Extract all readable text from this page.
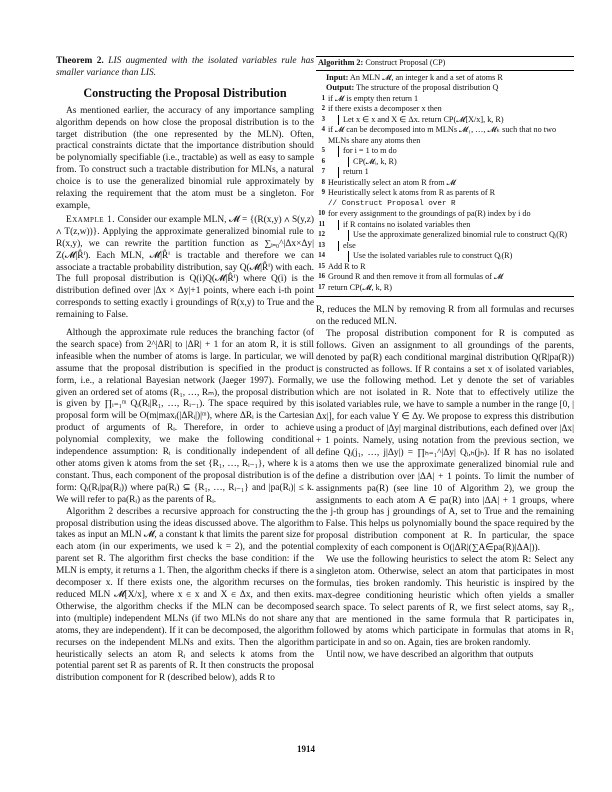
Theorem 2. LIS augmented with the isolated variables rule has smaller variance than LIS.

Constructing the Proposal Distribution

As mentioned earlier, the accuracy of any importance sampling algorithm depends on how close the proposal distribution is to the target distribution (the one represented by the MLN). Often, practical constraints dictate that the importance distribution should be polynomially specifiable (i.e., tractable) as well as easy to sample from. To construct such a tractable distribution for MLNs, a natural choice is to use the generalized binomial rule approximately by relaxing the requirement that the atom must be a singleton. For example,

Example 1. Consider our example MLN, 𝓜 = {(R(x,y) ∧ S(y,z) ∧ T(z,w))}. Applying the approximate generalized binomial rule to R(x,y), we can rewrite the partition function as ∑ᵢ₌₀^|Δx×Δy| Z(𝓜|R̂ⁱ). Each MLN, 𝓜|R̂ⁱ is tractable and therefore we can associate a tractable probability distribution, say Q(𝓜|R̂ⁱ) with each. The full proposal distribution is Q(i)Q(𝓜|R̂ⁱ) where Q(i) is the distribution defined over |Δx × Δy|+1 points, where each i-th point corresponds to setting exactly i groundings of R(x,y) to True and the remaining to False.

Although the approximate rule reduces the branching factor (of the search space) from 2^|ΔR| to |ΔR| + 1 for an atom R, it is still infeasible when the number of atoms is large. In particular, we will assume that the proposal distribution is specified in the product form, i.e., a relational Bayesian network (Jaeger 1997). Formally, given an ordered set of atoms (R₁, …, Rₘ), the proposal distribution is given by ∏ᵢ₌₁ᵐ Qᵢ(Rᵢ|R₁, …, Rᵢ₋₁). The space required by this proposal form will be O(m|maxᵢ(|ΔRᵢ|)|ᵐ), where ΔRᵢ is the Cartesian product of arguments of Rᵢ. Therefore, in order to achieve polynomial complexity, we make the following conditional independence assumption: Rᵢ is conditionally independent of all other atoms given k atoms from the set {R₁, …, Rᵢ₋₁}, where k is a constant. Thus, each component of the proposal distribution is of the form: Qᵢ(Rᵢ|pa(Rᵢ)) where pa(Rᵢ) ⊆ {R₁, …, Rᵢ₋₁} and |pa(Rᵢ)| ≤ k. We will refer to pa(Rᵢ) as the parents of Rᵢ.

Algorithm 2 describes a recursive approach for constructing the proposal distribution using the ideas discussed above. The algorithm takes as input an MLN 𝓜, a constant k that limits the parent size for each atom (in our experiments, we used k = 2), and the potential parent set R. The algorithm first checks the base condition: if the MLN is empty, it returns a 1. Then, the algorithm checks if there is a decomposer x. If there exists one, the algorithm recurses on the reduced MLN 𝓜[X/x], where x ∈ x and X ∈ Δx, and then exits. Otherwise, the algorithm checks if the MLN can be decomposed into (multiple) independent MLNs (if two MLNs do not share any atoms, they are independent). If it can be decomposed, the algorithm recurses on the independent MLNs and exits. Then the algorithm heuristically selects an atom Rᵢ and selects k atoms from the potential parent set R as parents of R. It then constructs the proposal distribution component for R (described below), adds R to

Algorithm 2: Construct Proposal (CP)
Input: An MLN 𝓜, an integer k and a set of atoms R
Output: The structure of the proposal distribution Q
1 if 𝓜 is empty then return 1
2 if there exists a decomposer x then
3	Let x ∈ x and X ∈ Δx. return CP(𝓜[X/x], k, R)
4 if 𝓜 can be decomposed into m MLNs 𝓜₁, …, 𝓜ₖ such that no two MLNs share any atoms then
5	for i = 1 to m do
6	CP(𝓜ᵢ, k, R)
7	return 1
8 Heuristically select an atom R from 𝓜
9 Heuristically select k atoms from R as parents of R
// Construct Proposal over R
10 for every assignment to the groundings of pa(R) index by i do
11	if R contains no isolated variables then
12	Use the approximate generalized binomial rule to construct Qᵢ(R)
13	else
14	Use the isolated variables rule to construct Qᵢ(R)
15 Add R to R
16 Ground R and then remove it from all formulas of 𝓜
17 return CP(𝓜, k, R)

R, reduces the MLN by removing R from all formulas and recurses on the reduced MLN.

The proposal distribution component for R is computed as follows. Given an assignment to all groundings of the parents, denoted by pa(R) each conditional marginal distribution Q(R|pa(R)) is constructed as follows. If R contains a set x of isolated variables, we use the following method. Let y denote the set of variables which are not isolated in R. Note that to effectively utilize the isolated variables rule, we have to sample a number in the range [0, |Δx|], for each value Y ∈ Δy. We propose to express this distribution using a product of |Δy| marginal distributions, each defined over |Δx| + 1 points. Namely, using notation from the previous section, we define Qᵢ(j₁, …, j|Δy|) = ∏ₕ₌₁^|Δy| Qᵢ,ₕ(jₕ). If R has no isolated atoms then we use the approximate generalized binomial rule and define a distribution over |ΔA| + 1 points. To limit the number of assignments pa(R) (see line 10 of Algorithm 2), we group the assignments to each atom A ∈ pa(R) into |ΔA| + 1 groups, where the j-th group has j groundings of A, set to True and the remaining to False. This helps us polynomially bound the space required by the proposal distribution component at R. In particular, the space complexity of each component is O(|ΔR|(∑A∈pa(R)|ΔA|)).

We use the following heuristics to select the atom R: Select any singleton atom. Otherwise, select an atom that participates in most formulas, ties broken randomly. This heuristic is inspired by the max-degree conditioning heuristic which often yields a smaller search space. To select parents of R, we first select atoms, say R₁, that are mentioned in the same formula that R participates in, followed by atoms which participate in formulas that atoms in R₁ participate in and so on. Again, ties are broken randomly.

Until now, we have described an algorithm that outputs

1914
